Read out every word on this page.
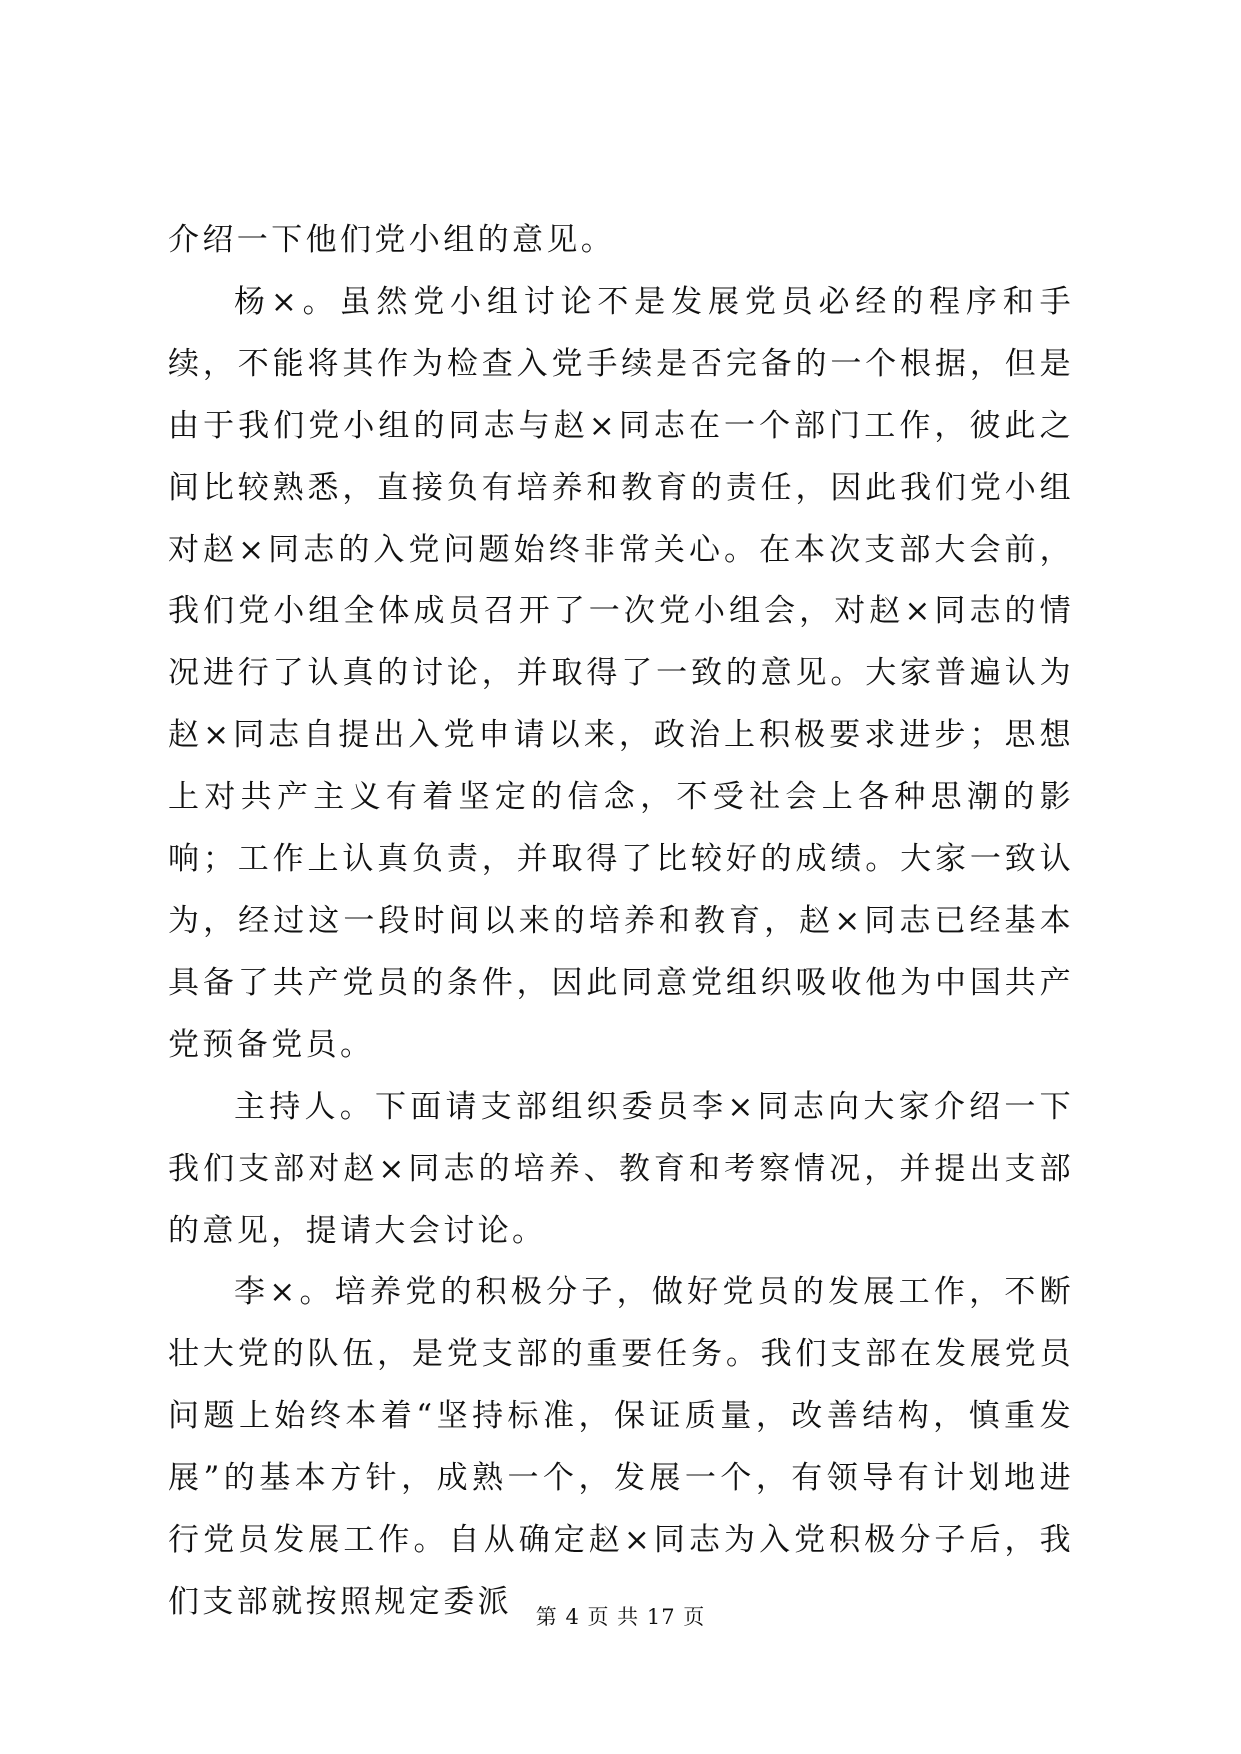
介绍一下他们党小组的意见。

杨×。虽然党小组讨论不是发展党员必经的程序和手续，不能将其作为检查入党手续是否完备的一个根据，但是由于我们党小组的同志与赵×同志在一个部门工作，彼此之间比较熟悉，直接负有培养和教育的责任，因此我们党小组对赵×同志的入党问题始终非常关心。在本次支部大会前，我们党小组全体成员召开了一次党小组会，对赵×同志的情况进行了认真的讨论，并取得了一致的意见。大家普遍认为赵×同志自提出入党申请以来，政治上积极要求进步；思想上对共产主义有着坚定的信念，不受社会上各种思潮的影响；工作上认真负责，并取得了比较好的成绩。大家一致认为，经过这一段时间以来的培养和教育，赵×同志已经基本具备了共产党员的条件，因此同意党组织吸收他为中国共产党预备党员。

主持人。下面请支部组织委员李×同志向大家介绍一下我们支部对赵×同志的培养、教育和考察情况，并提出支部的意见，提请大会讨论。

李×。培养党的积极分子，做好党员的发展工作，不断壮大党的队伍，是党支部的重要任务。我们支部在发展党员问题上始终本着“坚持标准，保证质量，改善结构，慎重发展”的基本方针，成熟一个，发展一个，有领导有计划地进行党员发展工作。自从确定赵×同志为入党积极分子后，我们支部就按照规定委派	第 4 页 共 17 页
